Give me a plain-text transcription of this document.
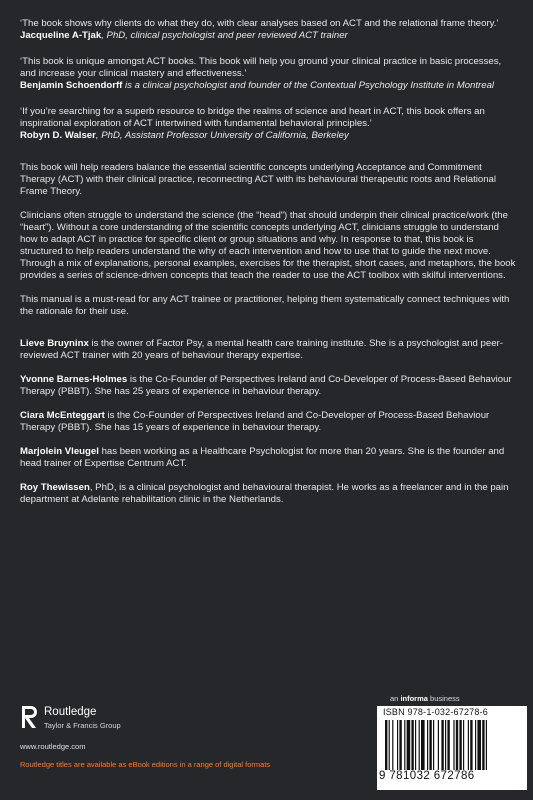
‘The book shows why clients do what they do, with clear analyses based on ACT and the relational frame theory.’

Jacqueline A-Tjak, PhD, clinical psychologist and peer reviewed ACT trainer

‘This book is unique amongst ACT books. This book will help you ground your clinical practice in basic processes, and increase your clinical mastery and effectiveness.’

Benjamin Schoendorff is a clinical psychologist and founder of the Contextual Psychology Institute in Montreal

‘If you’re searching for a superb resource to bridge the realms of science and heart in ACT, this book offers an inspirational exploration of ACT intertwined with fundamental behavioral principles.’

Robyn D. Walser, PhD, Assistant Professor University of California, Berkeley

This book will help readers balance the essential scientific concepts underlying Acceptance and Commitment Therapy (ACT) with their clinical practice, reconnecting ACT with its behavioural therapeutic roots and Relational Frame Theory.

Clinicians often struggle to understand the science (the “head”) that should underpin their clinical practice/work (the “heart”). Without a core understanding of the scientific concepts underlying ACT, clinicians struggle to understand how to adapt ACT in practice for specific client or group situations and why. In response to that, this book is structured to help readers understand the why of each intervention and how to use that to guide the next move. Through a mix of explanations, personal examples, exercises for the therapist, short cases, and metaphors, the book provides a series of science-driven concepts that teach the reader to use the ACT toolbox with skilful interventions.

This manual is a must-read for any ACT trainee or practitioner, helping them systematically connect techniques with the rationale for their use.

Lieve Bruyninx is the owner of Factor Psy, a mental health care training institute. She is a psychologist and peer-reviewed ACT trainer with 20 years of behaviour therapy expertise.

Yvonne Barnes-Holmes is the Co-Founder of Perspectives Ireland and Co-Developer of Process-Based Behaviour Therapy (PBBT). She has 25 years of experience in behaviour therapy.

Ciara McEnteggart is the Co-Founder of Perspectives Ireland and Co-Developer of Process-Based Behaviour Therapy (PBBT). She has 15 years of experience in behaviour therapy.

Marjolein Vleugel has been working as a Healthcare Psychologist for more than 20 years. She is the founder and head trainer of Expertise Centrum ACT.

Roy Thewissen, PhD, is a clinical psychologist and behavioural therapist. He works as a freelancer and in the pain department at Adelante rehabilitation clinic in the Netherlands.

Routledge
Taylor & Francis Group
www.routledge.com
Routledge titles are available as eBook editions in a range of digital formats
an informa business
ISBN 978-1-032-67278-6
9 781032 672786
